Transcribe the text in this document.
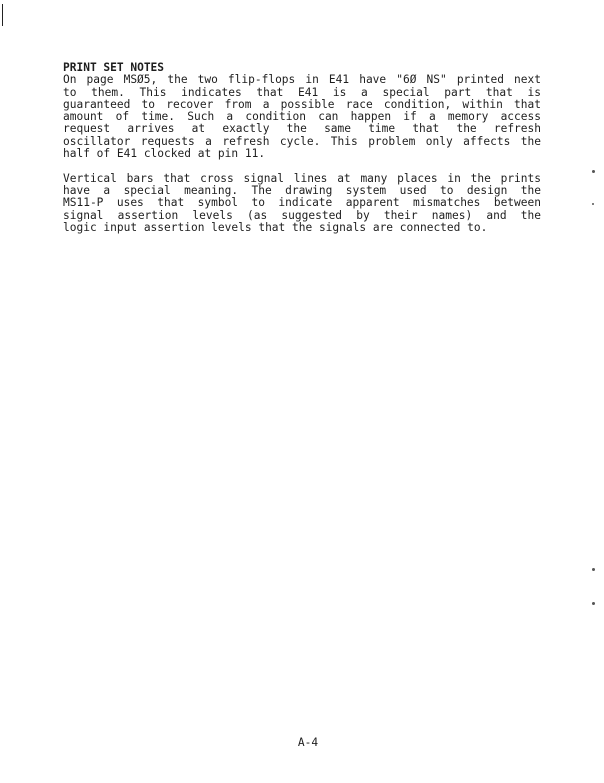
PRINT SET NOTES
On page MSØ5, the two flip-flops in E41 have "6Ø NS" printed next
to them. This indicates that E41 is a special part that is
guaranteed to recover from a possible race condition, within that
amount of time. Such a condition can happen if a memory access
request arrives at exactly the same time that the refresh
oscillator requests a refresh cycle. This problem only affects the
half of E41 clocked at pin 11.
Vertical bars that cross signal lines at many places in the prints
have a special meaning. The drawing system used to design the
MS11-P uses that symbol to indicate apparent mismatches between
signal assertion levels (as suggested by their names) and the
logic input assertion levels that the signals are connected to.
A-4
